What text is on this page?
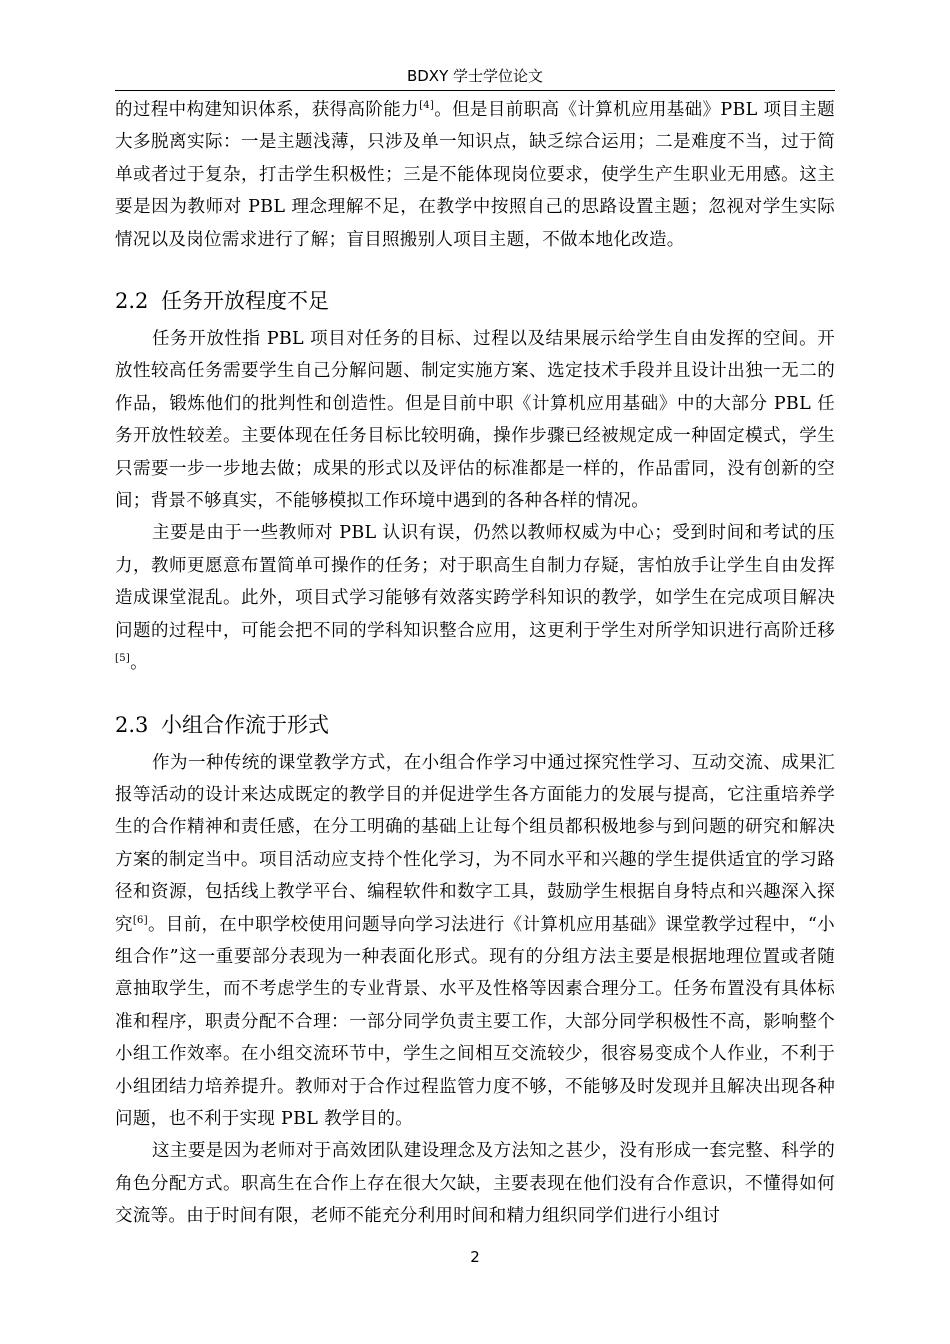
BDXY 学士学位论文

的过程中构建知识体系，获得高阶能力[4]。但是目前职高《计算机应用基础》PBL 项目主题大多脱离实际：一是主题浅薄，只涉及单一知识点，缺乏综合运用；二是难度不当，过于简单或者过于复杂，打击学生积极性；三是不能体现岗位要求，使学生产生职业无用感。这主要是因为教师对 PBL 理念理解不足，在教学中按照自己的思路设置主题；忽视对学生实际情况以及岗位需求进行了解；盲目照搬别人项目主题，不做本地化改造。

2.2 任务开放程度不足

任务开放性指 PBL 项目对任务的目标、过程以及结果展示给学生自由发挥的空间。开放性较高任务需要学生自己分解问题、制定实施方案、选定技术手段并且设计出独一无二的作品，锻炼他们的批判性和创造性。但是目前中职《计算机应用基础》中的大部分 PBL 任务开放性较差。主要体现在任务目标比较明确，操作步骤已经被规定成一种固定模式，学生只需要一步一步地去做；成果的形式以及评估的标准都是一样的，作品雷同，没有创新的空间；背景不够真实，不能够模拟工作环境中遇到的各种各样的情况。

主要是由于一些教师对 PBL 认识有误，仍然以教师权威为中心；受到时间和考试的压力，教师更愿意布置简单可操作的任务；对于职高生自制力存疑，害怕放手让学生自由发挥造成课堂混乱。此外，项目式学习能够有效落实跨学科知识的教学，如学生在完成项目解决问题的过程中，可能会把不同的学科知识整合应用，这更利于学生对所学知识进行高阶迁移[5]。

2.3 小组合作流于形式

作为一种传统的课堂教学方式，在小组合作学习中通过探究性学习、互动交流、成果汇报等活动的设计来达成既定的教学目的并促进学生各方面能力的发展与提高，它注重培养学生的合作精神和责任感，在分工明确的基础上让每个组员都积极地参与到问题的研究和解决方案的制定当中。项目活动应支持个性化学习，为不同水平和兴趣的学生提供适宜的学习路径和资源，包括线上教学平台、编程软件和数字工具，鼓励学生根据自身特点和兴趣深入探究[6]。目前，在中职学校使用问题导向学习法进行《计算机应用基础》课堂教学过程中，“小组合作”这一重要部分表现为一种表面化形式。现有的分组方法主要是根据地理位置或者随意抽取学生，而不考虑学生的专业背景、水平及性格等因素合理分工。任务布置没有具体标准和程序，职责分配不合理：一部分同学负责主要工作，大部分同学积极性不高，影响整个小组工作效率。在小组交流环节中，学生之间相互交流较少，很容易变成个人作业，不利于小组团结力培养提升。教师对于合作过程监管力度不够，不能够及时发现并且解决出现各种问题，也不利于实现 PBL 教学目的。

这主要是因为老师对于高效团队建设理念及方法知之甚少，没有形成一套完整、科学的角色分配方式。职高生在合作上存在很大欠缺，主要表现在他们没有合作意识，不懂得如何交流等。由于时间有限，老师不能充分利用时间和精力组织同学们进行小组讨

2
